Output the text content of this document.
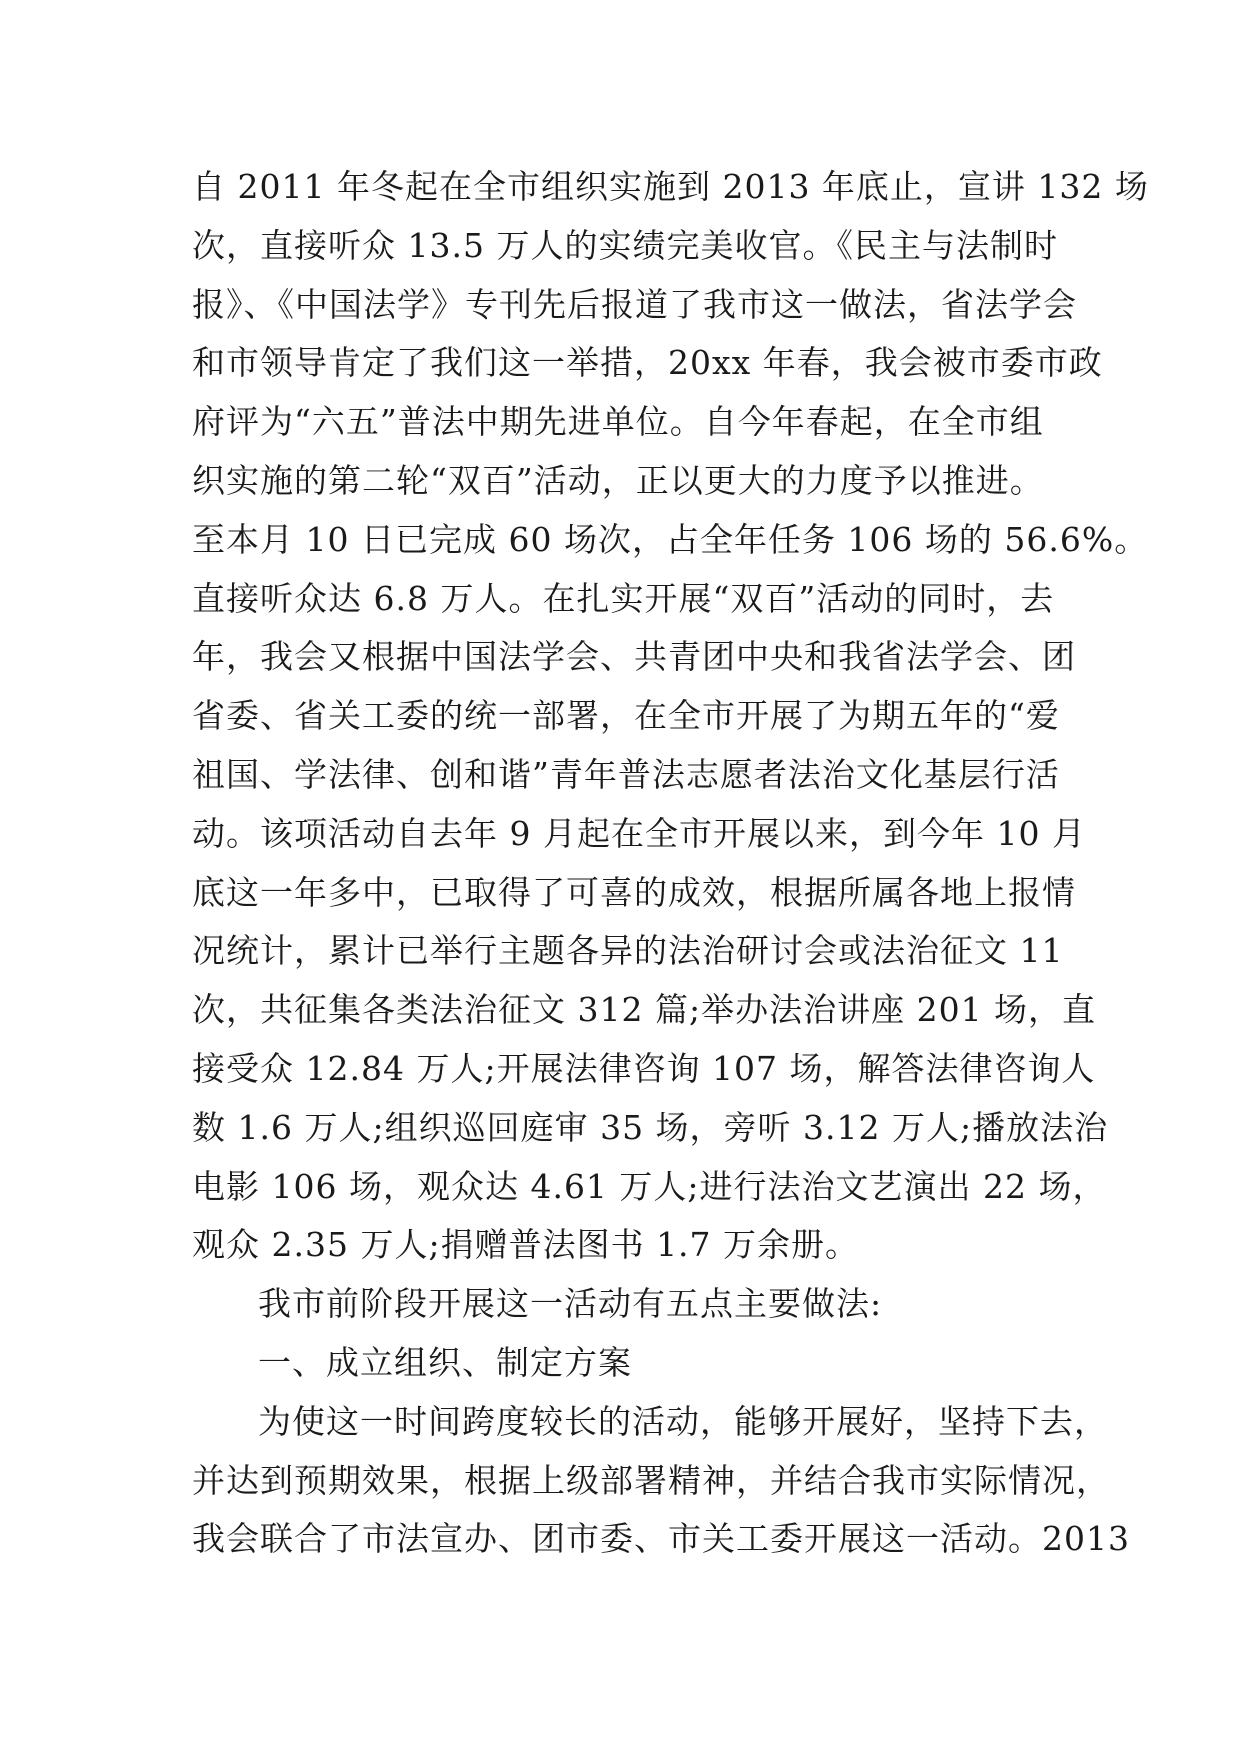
自 2011 年冬起在全市组织实施到 2013 年底止，宣讲 132 场
次，直接听众 13.5 万人的实绩完美收官。《民主与法制时
报》、《中国法学》专刊先后报道了我市这一做法，省法学会
和市领导肯定了我们这一举措，20xx 年春，我会被市委市政
府评为“六五”普法中期先进单位。自今年春起，在全市组
织实施的第二轮“双百”活动，正以更大的力度予以推进。
至本月 10 日已完成 60 场次，占全年任务 106 场的 56.6%。
直接听众达 6.8 万人。在扎实开展“双百”活动的同时，去
年，我会又根据中国法学会、共青团中央和我省法学会、团
省委、省关工委的统一部署，在全市开展了为期五年的“爱
祖国、学法律、创和谐”青年普法志愿者法治文化基层行活
动。该项活动自去年 9 月起在全市开展以来，到今年 10 月
底这一年多中，已取得了可喜的成效，根据所属各地上报情
况统计，累计已举行主题各异的法治研讨会或法治征文 11
次，共征集各类法治征文 312 篇;举办法治讲座 201 场，直
接受众 12.84 万人;开展法律咨询 107 场，解答法律咨询人
数 1.6 万人;组织巡回庭审 35 场，旁听 3.12 万人;播放法治
电影 106 场，观众达 4.61 万人;进行法治文艺演出 22 场，
观众 2.35 万人;捐赠普法图书 1.7 万余册。
我市前阶段开展这一活动有五点主要做法:
一、成立组织、制定方案
为使这一时间跨度较长的活动，能够开展好，坚持下去，
并达到预期效果，根据上级部署精神，并结合我市实际情况，
我会联合了市法宣办、团市委、市关工委开展这一活动。2013
